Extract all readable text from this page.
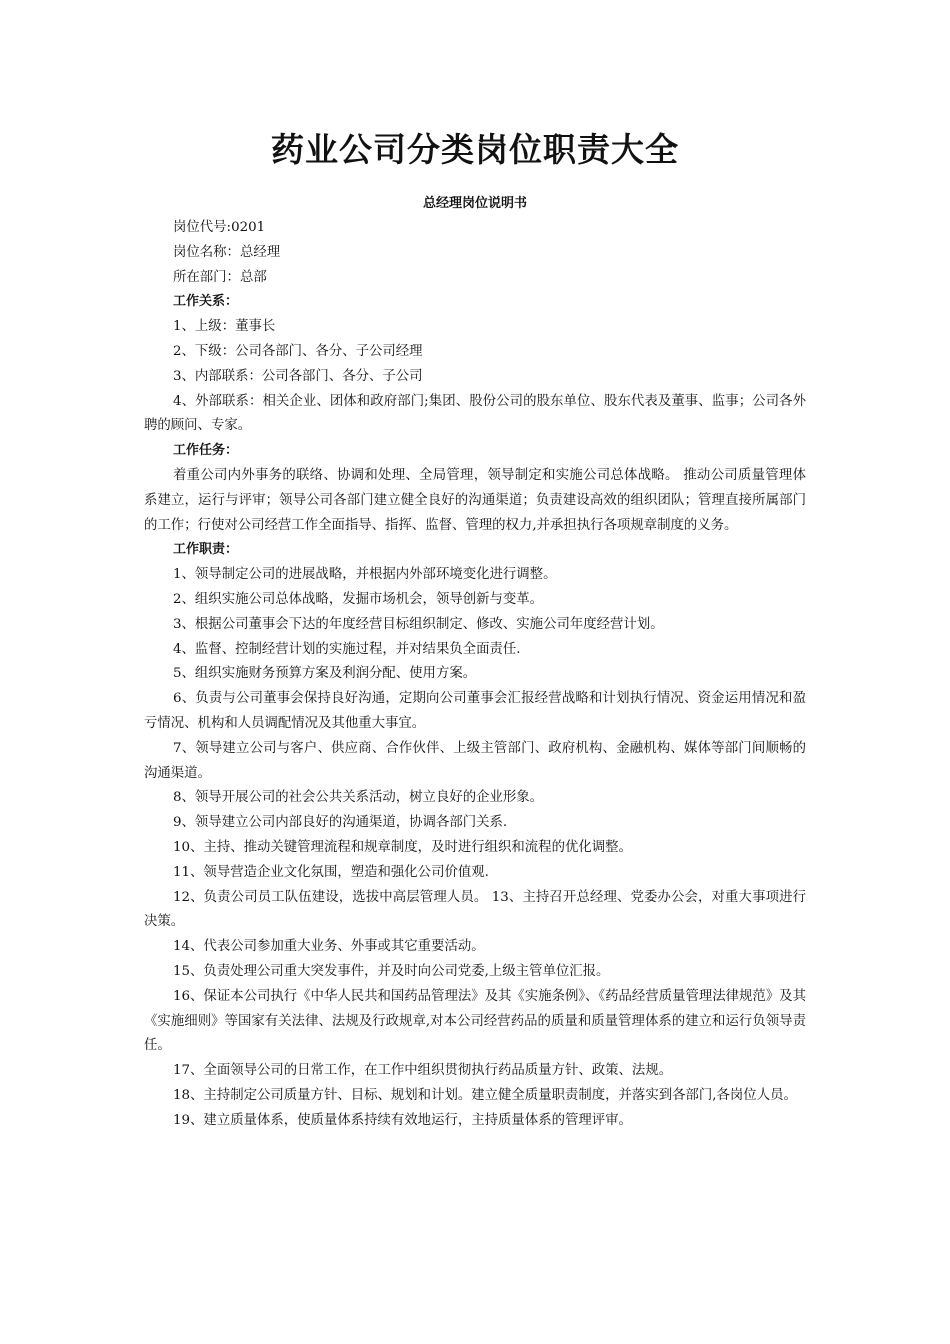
药业公司分类岗位职责大全
总经理岗位说明书

岗位代号:0201

岗位名称：总经理

所在部门：总部

工作关系：

1、上级：董事长

2、下级：公司各部门、各分、子公司经理

3、内部联系：公司各部门、各分、子公司

4、外部联系：相关企业、团体和政府部门;集团、股份公司的股东单位、股东代表及董事、监事；公司各外聘的顾问、专家。

工作任务：

着重公司内外事务的联络、协调和处理、全局管理，领导制定和实施公司总体战略。 推动公司质量管理体系建立，运行与评审；领导公司各部门建立健全良好的沟通渠道；负责建设高效的组织团队；管理直接所属部门的工作；行使对公司经营工作全面指导、指挥、监督、管理的权力,并承担执行各项规章制度的义务。

工作职责：

1、领导制定公司的进展战略，并根据内外部环境变化进行调整。

2、组织实施公司总体战略，发掘市场机会，领导创新与变革。

3、根据公司董事会下达的年度经营目标组织制定、修改、实施公司年度经营计划。

4、监督、控制经营计划的实施过程，并对结果负全面责任.

5、组织实施财务预算方案及利润分配、使用方案。

6、负责与公司董事会保持良好沟通，定期向公司董事会汇报经营战略和计划执行情况、资金运用情况和盈亏情况、机构和人员调配情况及其他重大事宜。

7、领导建立公司与客户、供应商、合作伙伴、上级主管部门、政府机构、金融机构、媒体等部门间顺畅的沟通渠道。

8、领导开展公司的社会公共关系活动，树立良好的企业形象。

9、领导建立公司内部良好的沟通渠道，协调各部门关系.

10、主持、推动关键管理流程和规章制度，及时进行组织和流程的优化调整。

11、领导营造企业文化氛围，塑造和强化公司价值观.

12、负责公司员工队伍建设，选拔中高层管理人员。 13、主持召开总经理、党委办公会，对重大事项进行决策。

14、代表公司参加重大业务、外事或其它重要活动。

15、负责处理公司重大突发事件，并及时向公司党委,上级主管单位汇报。

16、保证本公司执行《中华人民共和国药品管理法》及其《实施条例》、《药品经营质量管理法律规范》及其《实施细则》等国家有关法律、法规及行政规章,对本公司经营药品的质量和质量管理体系的建立和运行负领导责任。

17、全面领导公司的日常工作，在工作中组织贯彻执行药品质量方针、政策、法规。

18、主持制定公司质量方针、目标、规划和计划。建立健全质量职责制度，并落实到各部门,各岗位人员。

19、建立质量体系，使质量体系持续有效地运行，主持质量体系的管理评审。
